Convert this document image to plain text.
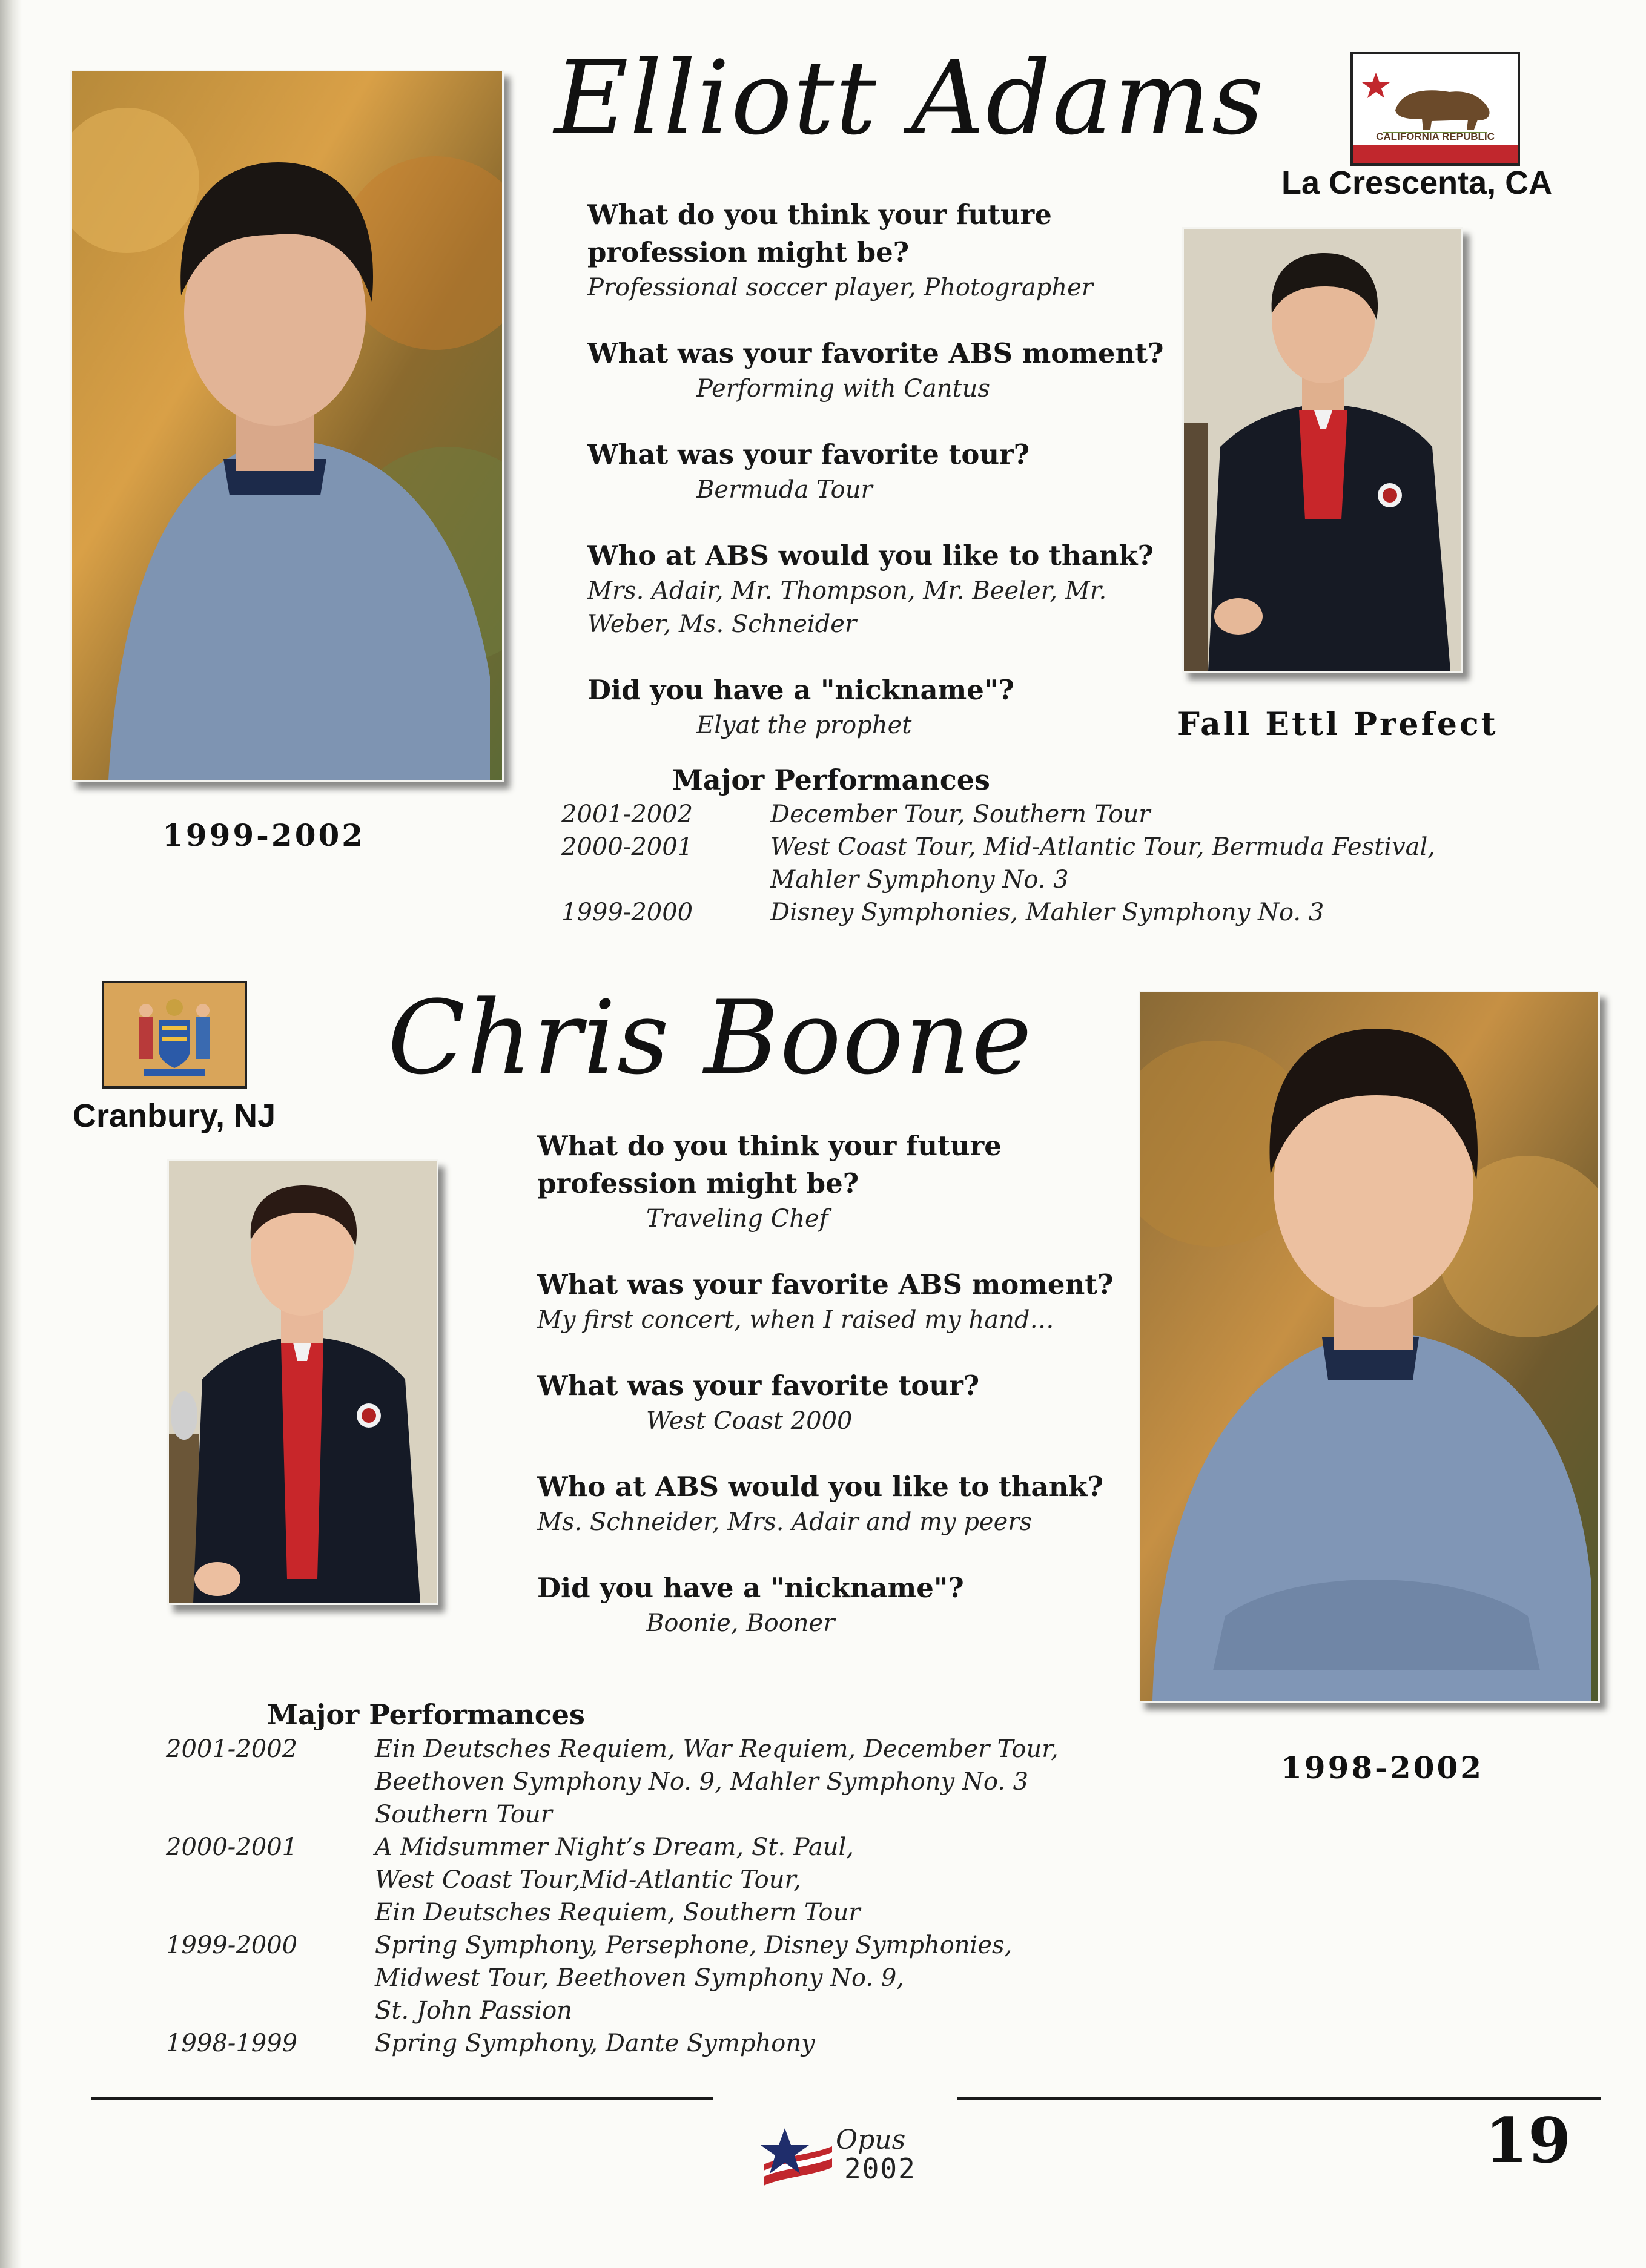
1999-2002
Elliott Adams	CALIFORNIA REPUBLIC
La Crescenta, CA

What do you think your future

profession might be?

Professional soccer player, Photographer

What was your favorite ABS moment?

Performing with Cantus

What was your favorite tour?

Bermuda Tour

Who at ABS would you like to thank?

Mrs. Adair, Mr. Thompson, Mr. Beeler, Mr.

Weber, Ms. Schneider

Did you have a "nickname"?

Elyat the prophet	Fall Ettl Prefect
Major Performances
2001-2002	December Tour, Southern Tour
2000-2001	West Coast Tour, Mid-Atlantic Tour, Bermuda Festival,
Mahler Symphony No. 3
1999-2000	Disney Symphonies, Mahler Symphony No. 3
Cranbury, NJ
Chris Boone

What do you think your future

profession might be?

Traveling Chef

What was your favorite ABS moment?

My first concert, when I raised my hand…

What was your favorite tour?

West Coast 2000

Who at ABS would you like to thank?

Ms. Schneider, Mrs. Adair and my peers

Did you have a "nickname"?

Boonie, Booner

1998-2002
Major Performances
2001-2002	Ein Deutsches Requiem, War Requiem, December Tour,
Beethoven Symphony No. 9, Mahler Symphony No. 3
Southern Tour
2000-2001	A Midsummer Night’s Dream, St. Paul,
West Coast Tour,Mid-Atlantic Tour,
Ein Deutsches Requiem, Southern Tour
1999-2000	Spring Symphony, Persephone, Disney Symphonies,
Midwest Tour, Beethoven Symphony No. 9,
St. John Passion
1998-1999	Spring Symphony, Dante Symphony
Opus
2002	19
